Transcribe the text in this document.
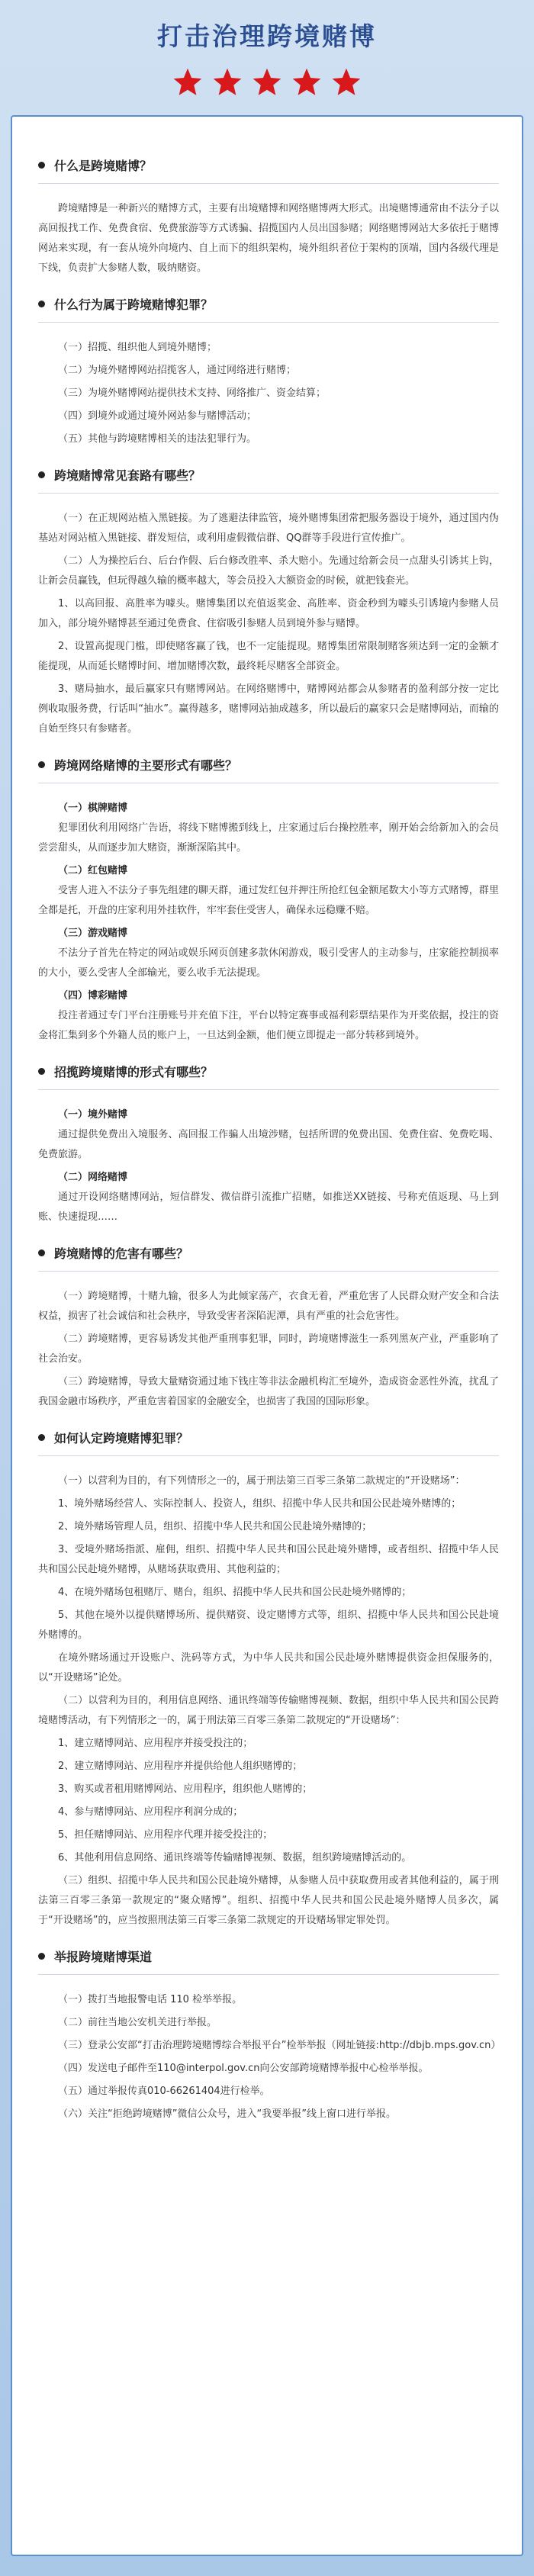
打击治理跨境赌博
什么是跨境赌博？

跨境赌博是一种新兴的赌博方式，主要有出境赌博和网络赌博两大形式。出境赌博通常由不法分子以高回报找工作、免费食宿、免费旅游等方式诱骗、招揽国内人员出国参赌；网络赌博网站大多依托于赌博网站来实现，有一套从境外向境内、自上而下的组织架构，境外组织者位于架构的顶端，国内各级代理是下线，负责扩大参赌人数，吸纳赌资。

什么行为属于跨境赌博犯罪？

（一）招揽、组织他人到境外赌博；

（二）为境外赌博网站招揽客人，通过网络进行赌博；

（三）为境外赌博网站提供技术支持、网络推广、资金结算；

（四）到境外或通过境外网站参与赌博活动；

（五）其他与跨境赌博相关的违法犯罪行为。

跨境赌博常见套路有哪些？

（一）在正规网站植入黑链接。为了逃避法律监管，境外赌博集团常把服务器设于境外，通过国内伪基站对网站植入黑链接、群发短信，或利用虚假微信群、QQ群等手段进行宣传推广。

（二）人为操控后台、后台作假、后台修改胜率、杀大赔小。先通过给新会员一点甜头引诱其上钩，让新会员赢钱，但玩得越久输的概率越大，等会员投入大额资金的时候，就把钱套光。

1、以高回报、高胜率为噱头。赌博集团以充值返奖金、高胜率、资金秒到为噱头引诱境内参赌人员加入，部分境外赌博甚至通过免费食、住宿吸引参赌人员到境外参与赌博。

2、设置高提现门槛，即使赌客赢了钱，也不一定能提现。赌博集团常限制赌客须达到一定的金额才能提现，从而延长赌博时间、增加赌博次数，最终耗尽赌客全部资金。

3、赌局抽水，最后赢家只有赌博网站。在网络赌博中，赌博网站都会从参赌者的盈利部分按一定比例收取服务费，行话叫“抽水”。赢得越多，赌博网站抽成越多，所以最后的赢家只会是赌博网站，而输的自始至终只有参赌者。

跨境网络赌博的主要形式有哪些？
（一）棋牌赌博

犯罪团伙利用网络广告语，将线下赌博搬到线上，庄家通过后台操控胜率，刚开始会给新加入的会员尝尝甜头，从而逐步加大赌资，渐渐深陷其中。

（二）红包赌博

受害人进入不法分子事先组建的聊天群，通过发红包并押注所抢红包金额尾数大小等方式赌博，群里全都是托，开盘的庄家利用外挂软件，牢牢套住受害人，确保永远稳赚不赔。

（三）游戏赌博

不法分子首先在特定的网站或娱乐网页创建多款休闲游戏，吸引受害人的主动参与，庄家能控制损率的大小，要么受害人全部输光，要么收手无法提现。

（四）博彩赌博

投注者通过专门平台注册账号并充值下注，平台以特定赛事或福利彩票结果作为开奖依据，投注的资金将汇集到多个外籍人员的账户上，一旦达到金额，他们便立即提走一部分转移到境外。

招揽跨境赌博的形式有哪些？
（一）境外赌博

通过提供免费出入境服务、高回报工作骗人出境涉赌，包括所谓的免费出国、免费住宿、免费吃喝、免费旅游。

（二）网络赌博

通过开设网络赌博网站，短信群发、微信群引流推广招赌，如推送XX链接、号称充值返现、马上到账、快速提现……

跨境赌博的危害有哪些？

（一）跨境赌博，十赌九输，很多人为此倾家荡产，衣食无着，严重危害了人民群众财产安全和合法权益，损害了社会诚信和社会秩序，导致受害者深陷泥潭，具有严重的社会危害性。

（二）跨境赌博，更容易诱发其他严重刑事犯罪，同时，跨境赌博滋生一系列黑灰产业，严重影响了社会治安。

（三）跨境赌博，导致大量赌资通过地下钱庄等非法金融机构汇至境外，造成资金恶性外流，扰乱了我国金融市场秩序，严重危害着国家的金融安全，也损害了我国的国际形象。

如何认定跨境赌博犯罪？

（一）以营利为目的，有下列情形之一的，属于刑法第三百零三条第二款规定的“开设赌场”：

1、境外赌场经营人、实际控制人、投资人，组织、招揽中华人民共和国公民赴境外赌博的；

2、境外赌场管理人员，组织、招揽中华人民共和国公民赴境外赌博的；

3、受境外赌场指派、雇佣，组织、招揽中华人民共和国公民赴境外赌博，或者组织、招揽中华人民共和国公民赴境外赌博，从赌场获取费用、其他利益的；

4、在境外赌场包租赌厅、赌台，组织、招揽中华人民共和国公民赴境外赌博的；

5、其他在境外以提供赌博场所、提供赌资、设定赌博方式等，组织、招揽中华人民共和国公民赴境外赌博的。

在境外赌场通过开设账户、洗码等方式，为中华人民共和国公民赴境外赌博提供资金担保服务的，以“开设赌场”论处。

（二）以营利为目的，利用信息网络、通讯终端等传输赌博视频、数据，组织中华人民共和国公民跨境赌博活动，有下列情形之一的，属于刑法第三百零三条第二款规定的“开设赌场”：

1、建立赌博网站、应用程序并接受投注的；

2、建立赌博网站、应用程序并提供给他人组织赌博的；

3、购买或者租用赌博网站、应用程序，组织他人赌博的；

4、参与赌博网站、应用程序利润分成的；

5、担任赌博网站、应用程序代理并接受投注的；

6、其他利用信息网络、通讯终端等传输赌博视频、数据，组织跨境赌博活动的。

（三）组织、招揽中华人民共和国公民赴境外赌博，从参赌人员中获取费用或者其他利益的，属于刑法第三百零三条第一款规定的“聚众赌博”。组织、招揽中华人民共和国公民赴境外赌博人员多次，属于“开设赌场”的，应当按照刑法第三百零三条第二款规定的开设赌场罪定罪处罚。

举报跨境赌博渠道

（一）拨打当地报警电话 110 检举举报。

（二）前往当地公安机关进行举报。

（三）登录公安部“打击治理跨境赌博综合举报平台”检举举报（网址链接:http://dbjb.mps.gov.cn）

（四）发送电子邮件至110@interpol.gov.cn向公安部跨境赌博举报中心检举举报。

（五）通过举报传真010-66261404进行检举。

（六）关注“拒绝跨境赌博”微信公众号，进入“我要举报”线上窗口进行举报。
